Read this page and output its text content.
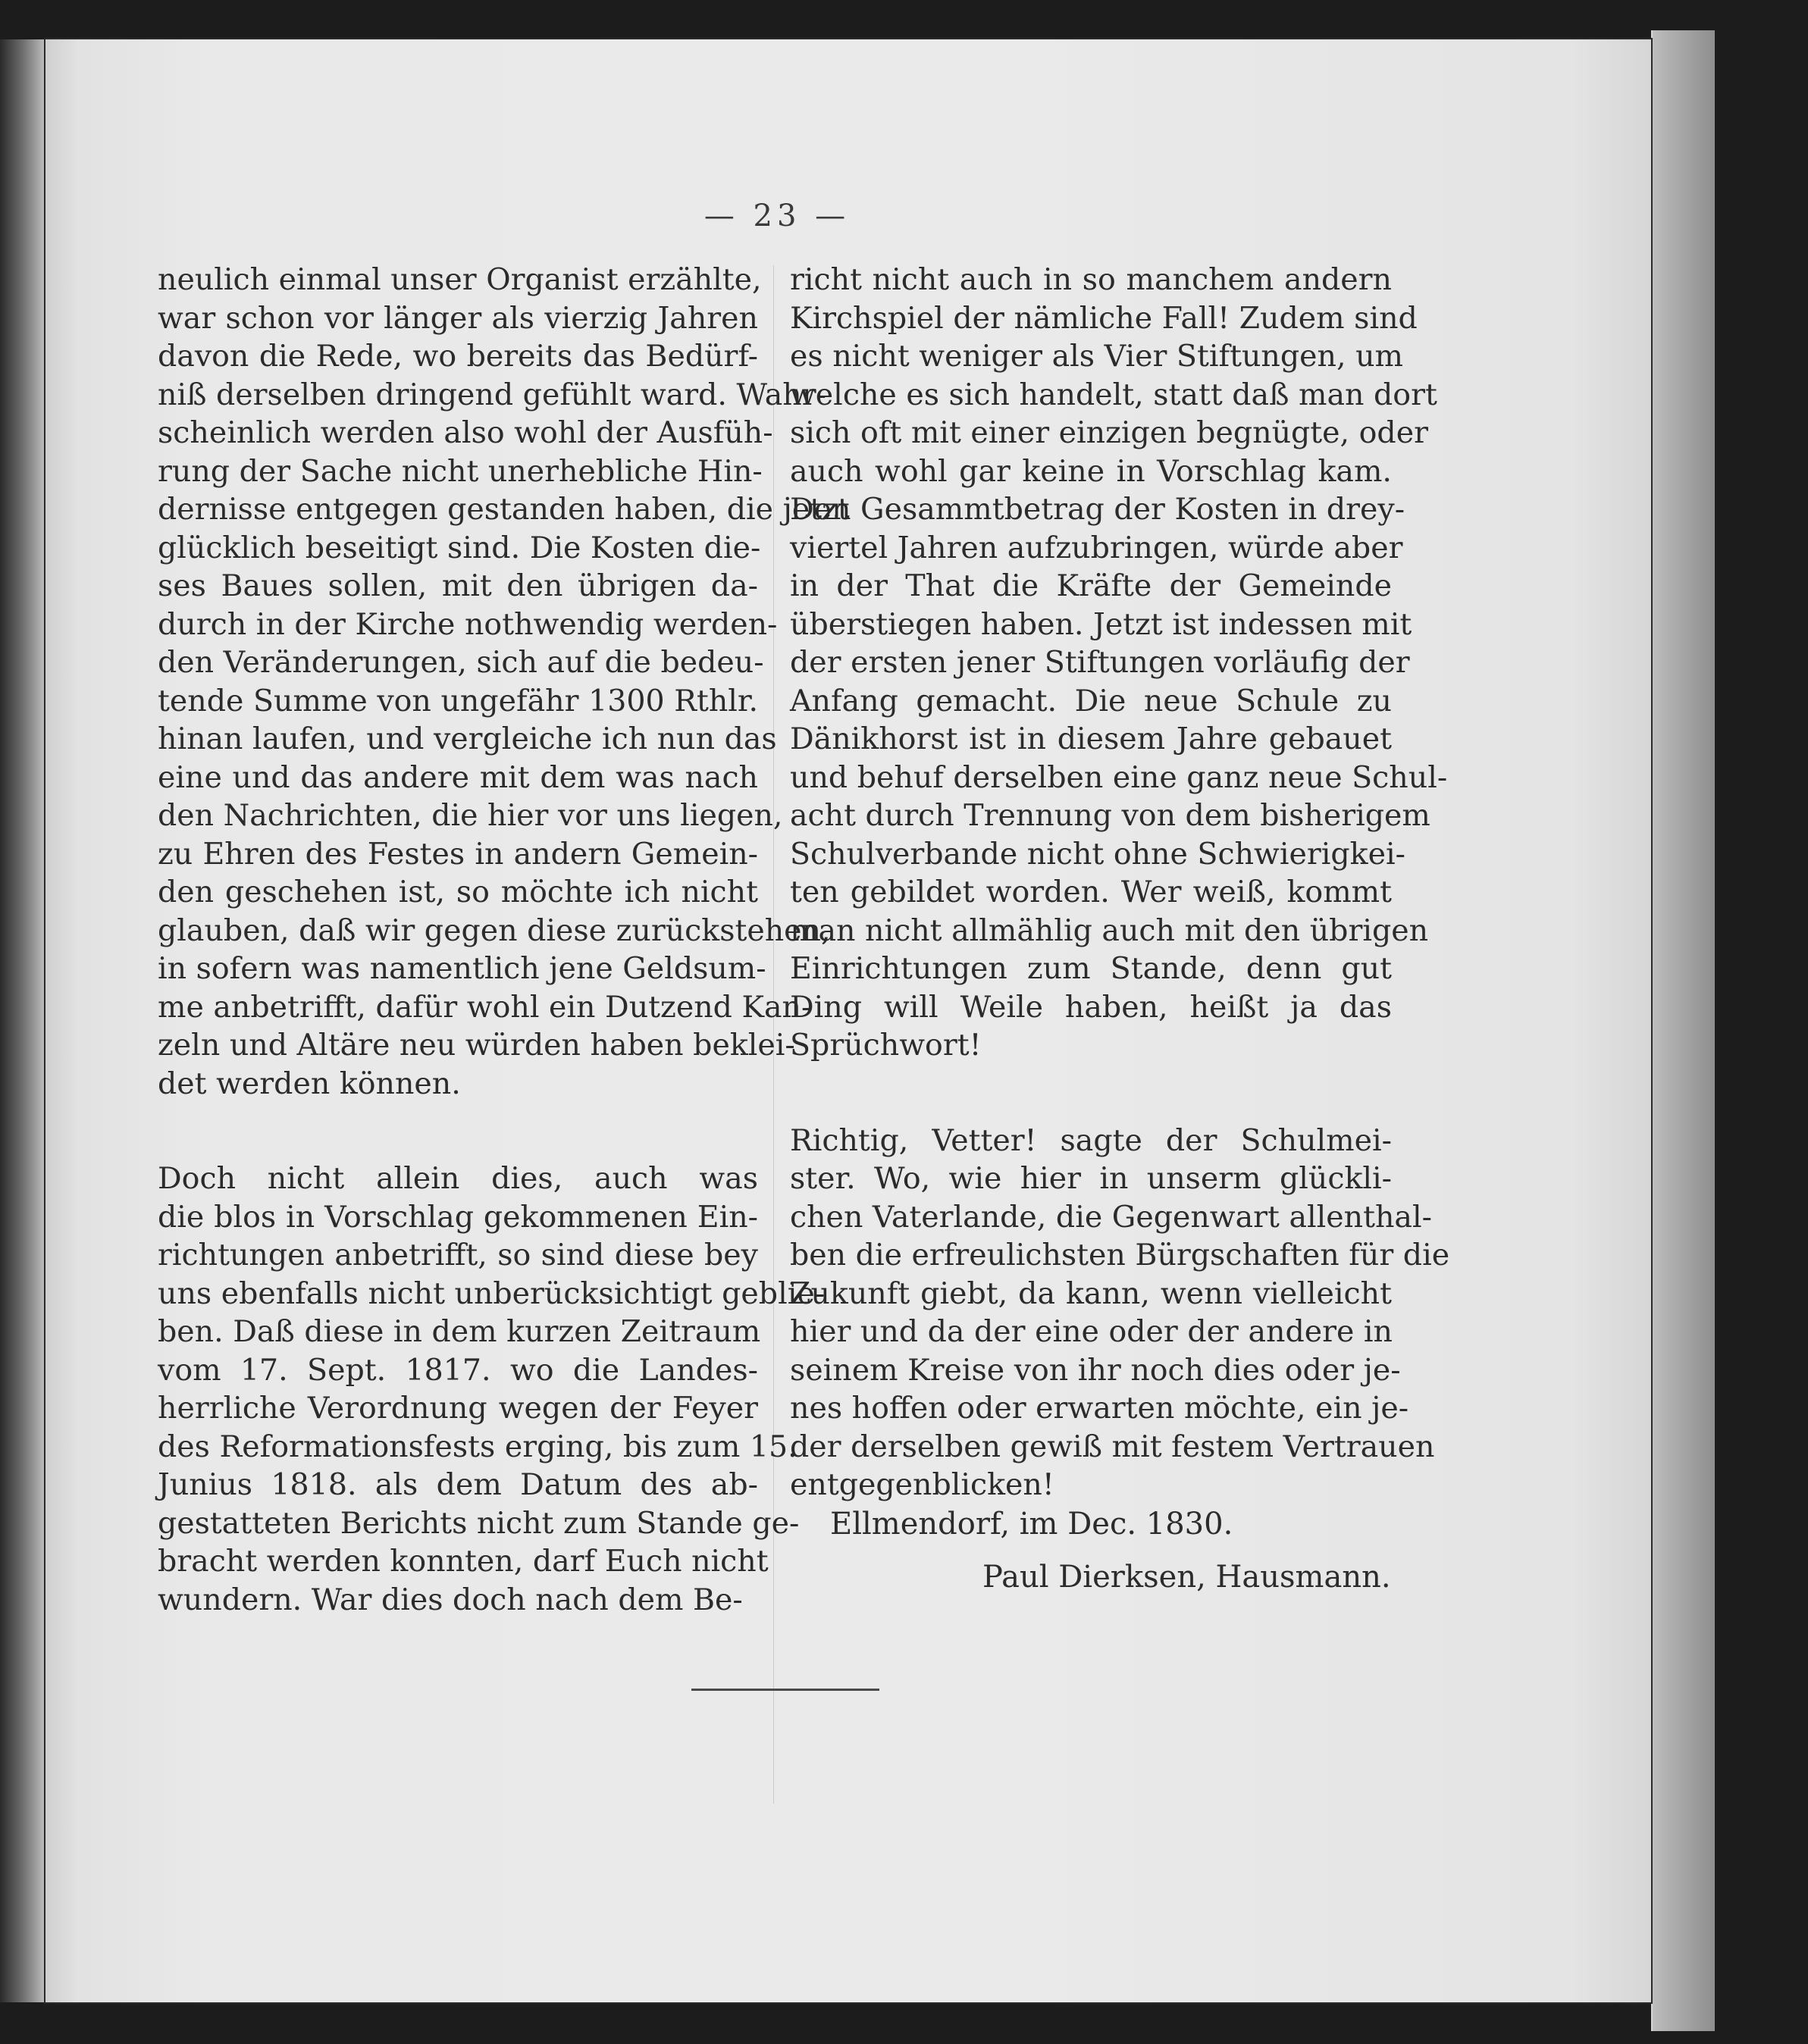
— 23 —
neulich einmal unser Organist erzählte,
war schon vor länger als vierzig Jahren
davon die Rede, wo bereits das Bedürf-
niß derselben dringend gefühlt ward. Wahr-
scheinlich werden also wohl der Ausfüh-
rung der Sache nicht unerhebliche Hin-
dernisse entgegen gestanden haben, die jetzt
glücklich beseitigt sind. Die Kosten die-
ses Baues sollen, mit den übrigen da-
durch in der Kirche nothwendig werden-
den Veränderungen, sich auf die bedeu-
tende Summe von ungefähr 1300 Rthlr.
hinan laufen, und vergleiche ich nun das
eine und das andere mit dem was nach
den Nachrichten, die hier vor uns liegen,
zu Ehren des Festes in andern Gemein-
den geschehen ist, so möchte ich nicht
glauben, daß wir gegen diese zurückstehen,
in sofern was namentlich jene Geldsum-
me anbetrifft, dafür wohl ein Dutzend Kan-
zeln und Altäre neu würden haben beklei-
det werden können.
Doch nicht allein dies, auch was
die blos in Vorschlag gekommenen Ein-
richtungen anbetrifft, so sind diese bey
uns ebenfalls nicht unberücksichtigt geblie-
ben. Daß diese in dem kurzen Zeitraum
vom 17. Sept. 1817. wo die Landes-
herrliche Verordnung wegen der Feyer
des Reformationsfests erging, bis zum 15.
Junius 1818. als dem Datum des ab-
gestatteten Berichts nicht zum Stande ge-
bracht werden konnten, darf Euch nicht
wundern. War dies doch nach dem Be-
richt nicht auch in so manchem andern
Kirchspiel der nämliche Fall! Zudem sind
es nicht weniger als Vier Stiftungen, um
welche es sich handelt, statt daß man dort
sich oft mit einer einzigen begnügte, oder
auch wohl gar keine in Vorschlag kam.
Den Gesammtbetrag der Kosten in drey-
viertel Jahren aufzubringen, würde aber
in der That die Kräfte der Gemeinde
überstiegen haben. Jetzt ist indessen mit
der ersten jener Stiftungen vorläufig der
Anfang gemacht. Die neue Schule zu
Dänikhorst ist in diesem Jahre gebauet
und behuf derselben eine ganz neue Schul-
acht durch Trennung von dem bisherigem
Schulverbande nicht ohne Schwierigkei-
ten gebildet worden. Wer weiß, kommt
man nicht allmählig auch mit den übrigen
Einrichtungen zum Stande, denn gut
Ding will Weile haben, heißt ja das
Sprüchwort!
Richtig, Vetter! sagte der Schulmei-
ster. Wo, wie hier in unserm glückli-
chen Vaterlande, die Gegenwart allenthal-
ben die erfreulichsten Bürgschaften für die
Zukunft giebt, da kann, wenn vielleicht
hier und da der eine oder der andere in
seinem Kreise von ihr noch dies oder je-
nes hoffen oder erwarten möchte, ein je-
der derselben gewiß mit festem Vertrauen
entgegenblicken!
Ellmendorf, im Dec. 1830.
Paul Dierksen, Hausmann.
